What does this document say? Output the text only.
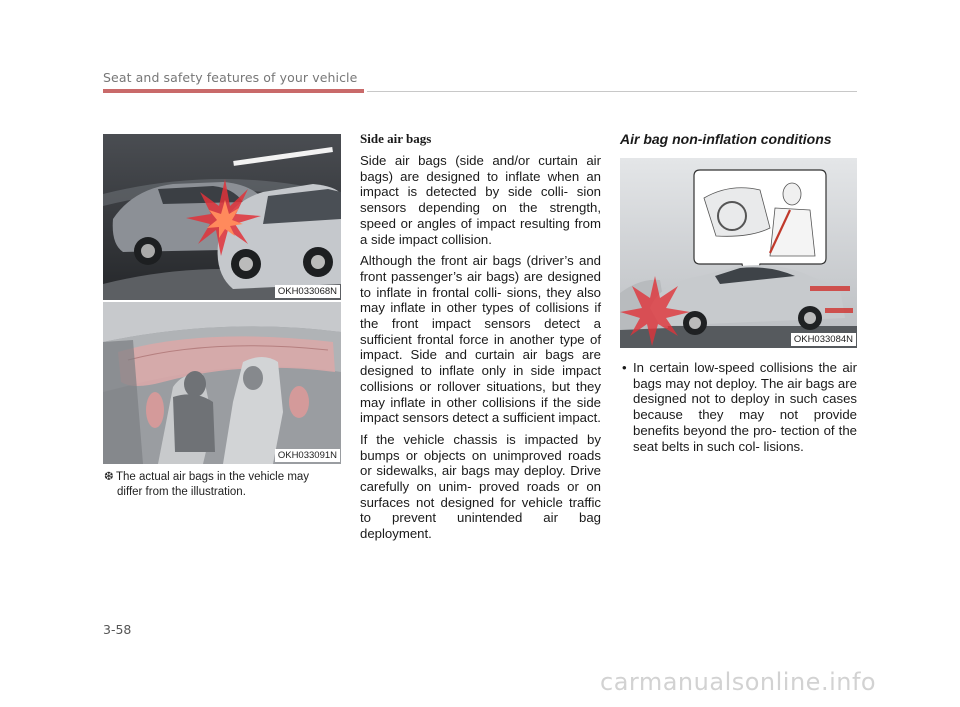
Seat and safety features of your vehicle
OKH033068N
OKH033091N
❆ The actual air bags in the vehicle may
differ from the illustration.
Side air bags

Side air bags (side and/or curtain air bags) are designed to inflate when an impact is detected by side colli- sion sensors depending on the strength, speed or angles of impact resulting from a side impact collision.

Although the front air bags (driver’s and front passenger’s air bags) are designed to inflate in frontal colli- sions, they also may inflate in other types of collisions if the front impact sensors detect a sufficient frontal force in another type of impact. Side and curtain air bags are designed to inflate only in side impact collisions or rollover situations, but they may inflate in other collisions if the side impact sensors detect a sufficient impact.

If the vehicle chassis is impacted by bumps or objects on unimproved roads or sidewalks, air bags may deploy. Drive carefully on unim- proved roads or on surfaces not designed for vehicle traffic to prevent unintended air bag deployment.

Air bag non-inflation conditions
OKH033084N
• In certain low-speed collisions the air bags may not deploy. The air bags are designed not to deploy in such cases because they may not provide benefits beyond the pro- tection of the seat belts in such col- lisions.
3-58
carmanualsonline.info
